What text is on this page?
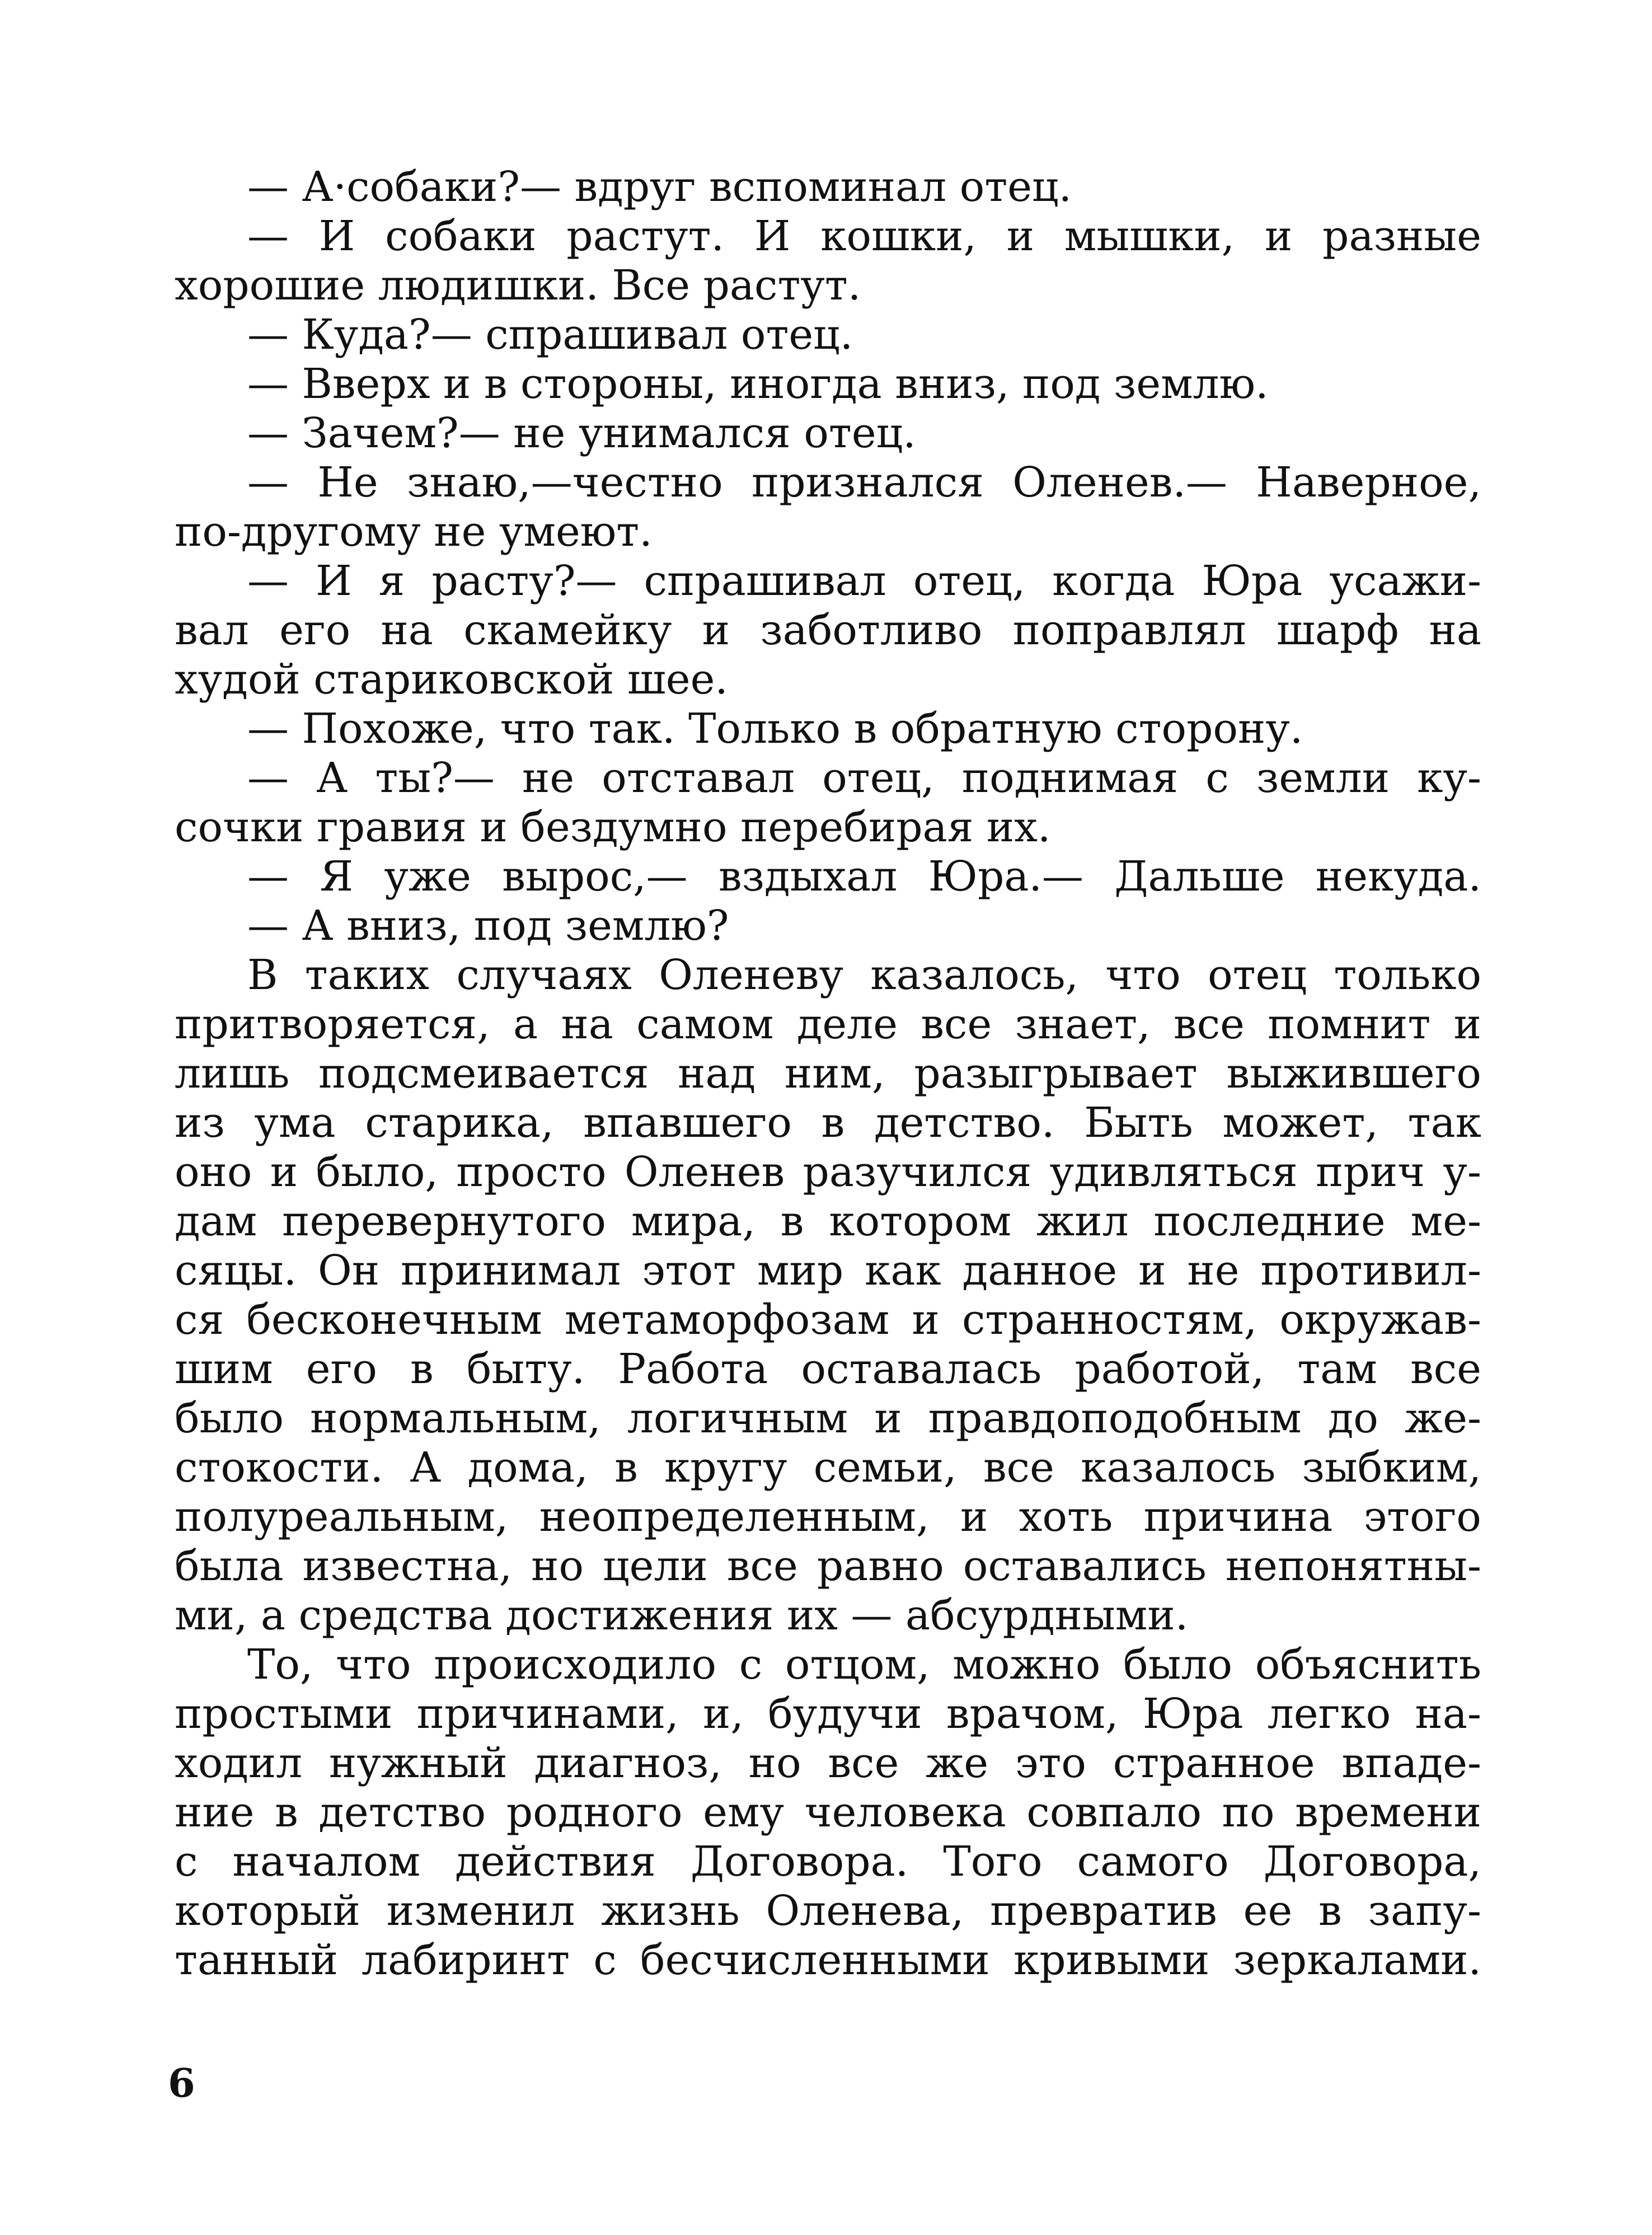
— А·собаки?— вдруг вспоминал отец.
— И собаки растут. И кошки, и мышки, и разные
хорошие людишки. Все растут.
— Куда?— спрашивал отец.
— Вверх и в стороны, иногда вниз, под землю.
— Зачем?— не унимался отец.
— Не знаю,—честно признался Оленев.— Наверное,
по-другому не умеют.
— И я расту?— спрашивал отец, когда Юра усажи-
вал его на скамейку и заботливо поправлял шарф на
худой стариковской шее.
— Похоже, что так. Только в обратную сторону.
— А ты?— не отставал отец, поднимая с земли ку-
сочки гравия и бездумно перебирая их.
— Я уже вырос,— вздыхал Юра.— Дальше некуда.
— А вниз, под землю?
В таких случаях Оленеву казалось, что отец только
притворяется, а на самом деле все знает, все помнит и
лишь подсмеивается над ним, разыгрывает выжившего
из ума старика, впавшего в детство. Быть может, так
оно и было, просто Оленев разучился удивляться прич у-
дам перевернутого мира, в котором жил последние ме-
сяцы. Он принимал этот мир как данное и не противил-
ся бесконечным метаморфозам и странностям, окружав-
шим его в быту. Работа оставалась работой, там все
было нормальным, логичным и правдоподобным до же-
стокости. А дома, в кругу семьи, все казалось зыбким,
полуреальным, неопределенным, и хоть причина этого
была известна, но цели все равно оставались непонятны-
ми, а средства достижения их — абсурдными.
То, что происходило с отцом, можно было объяснить
простыми причинами, и, будучи врачом, Юра легко на-
ходил нужный диагноз, но все же это странное впаде-
ние в детство родного ему человека совпало по времени
с началом действия Договора. Того самого Договора,
который изменил жизнь Оленева, превратив ее в запу-
танный лабиринт с бесчисленными кривыми зеркалами.
6
